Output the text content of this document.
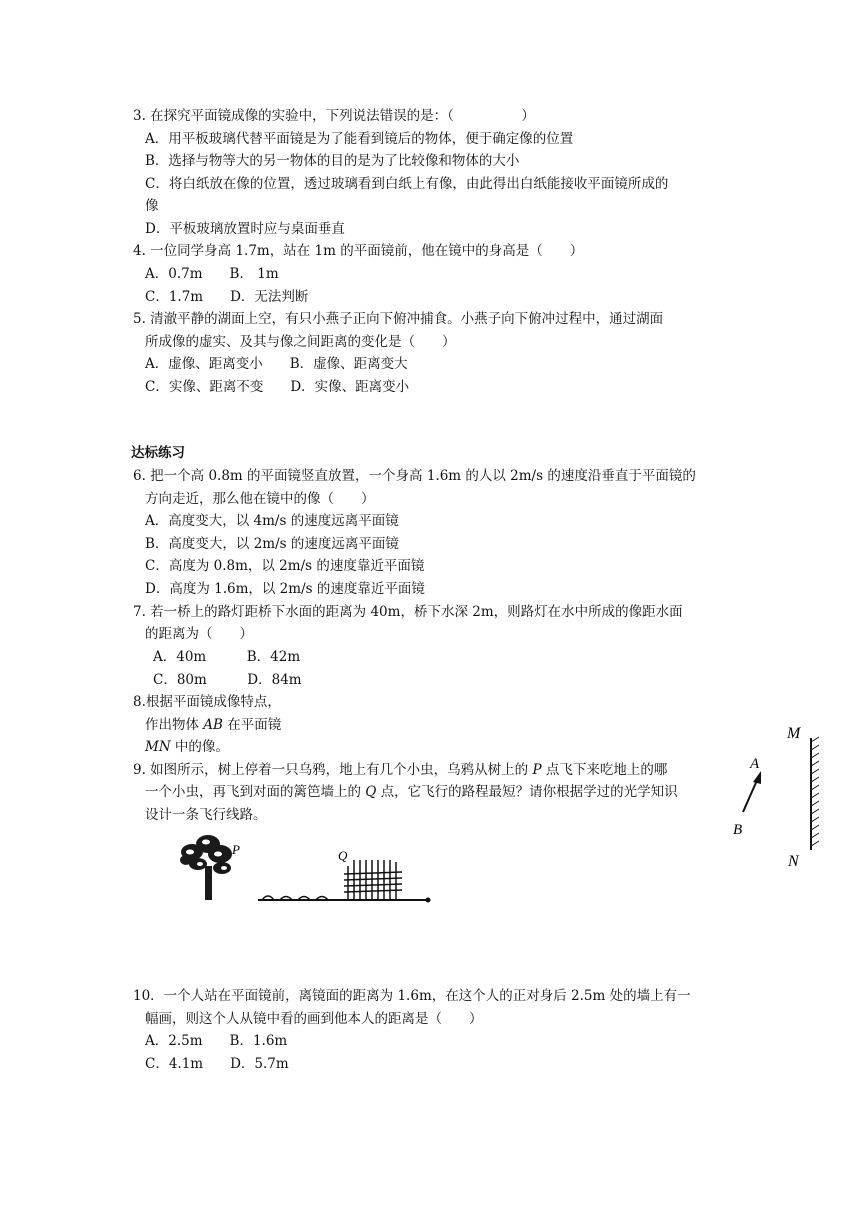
3. 在探究平面镜成像的实验中，下列说法错误的是：（　　　　　）
A．用平板玻璃代替平面镜是为了能看到镜后的物体，便于确定像的位置
B．选择与物等大的另一物体的目的是为了比较像和物体的大小
C．将白纸放在像的位置，透过玻璃看到白纸上有像，由此得出白纸能接收平面镜所成的
像
D．平板玻璃放置时应与桌面垂直
4. 一位同学身高 1.7m，站在 1m 的平面镜前，他在镜中的身高是（　　）
A．0.7m　　B． 1m
C．1.7m　　D．无法判断
5. 清澈平静的湖面上空，有只小燕子正向下俯冲捕食。小燕子向下俯冲过程中，通过湖面
所成像的虚实、及其与像之间距离的变化是（　　）
A．虚像、距离变小　　B．虚像、距离变大
C．实像、距离不变　　D．实像、距离变小
达标练习
6. 把一个高 0.8m 的平面镜竖直放置，一个身高 1.6m 的人以 2m/s 的速度沿垂直于平面镜的
方向走近，那么他在镜中的像（　　）
A．高度变大，以 4m/s 的速度远离平面镜
B．高度变大，以 2m/s 的速度远离平面镜
C．高度为 0.8m，以 2m/s 的速度靠近平面镜
D．高度为 1.6m，以 2m/s 的速度靠近平面镜
7. 若一桥上的路灯距桥下水面的距离为 40m，桥下水深 2m，则路灯在水中所成的像距水面
的距离为（　　）
A．40m　　　B．42m
C．80m　　　D．84m
8.根据平面镜成像特点，
作出物体 AB 在平面镜
MN 中的像。
9. 如图所示，树上停着一只乌鸦，地上有几个小虫，乌鸦从树上的 P 点飞下来吃地上的哪
一个小虫，再飞到对面的篱笆墙上的 Q 点，它飞行的路程最短？请你根据学过的光学知识
设计一条飞行线路。
M
N
A
B
P	Q
10．一个人站在平面镜前，离镜面的距离为 1.6m，在这个人的正对身后 2.5m 处的墙上有一
幅画，则这个人从镜中看的画到他本人的距离是（　　）
A．2.5m　　B．1.6m
C．4.1m　　D．5.7m
